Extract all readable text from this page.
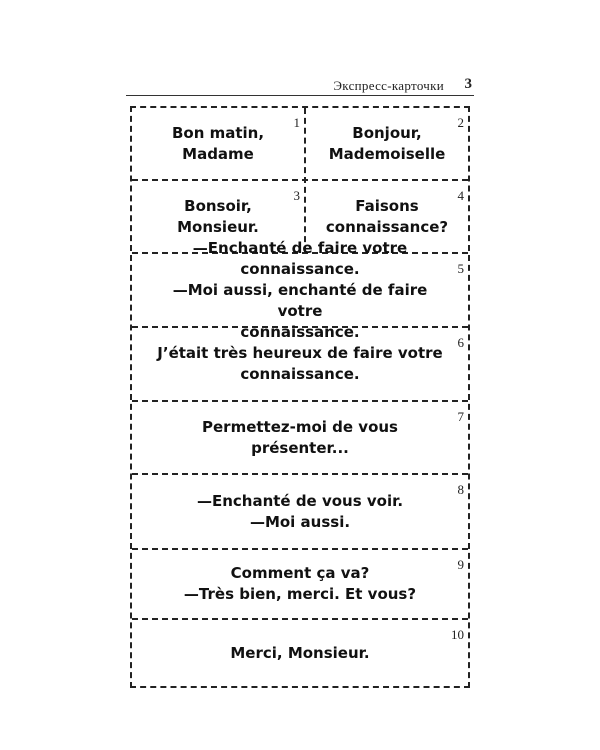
Экспресс-карточки 3
1
Bon matin,
Madame
2
Bonjour,
Mademoiselle
3
Bonsoir,
Monsieur.
4
Faisons
connaissance?
5
—Enchanté de faire votre connaissance.
—Moi aussi, enchanté de faire votre
connaissance.
6
J’était très heureux de faire votre
connaissance.
7
Permettez-moi de vous
présenter...
8
—Enchanté de vous voir.
—Moi aussi.
9
Comment ça va?
—Très bien, merci. Et vous?
10
Merci, Monsieur.
